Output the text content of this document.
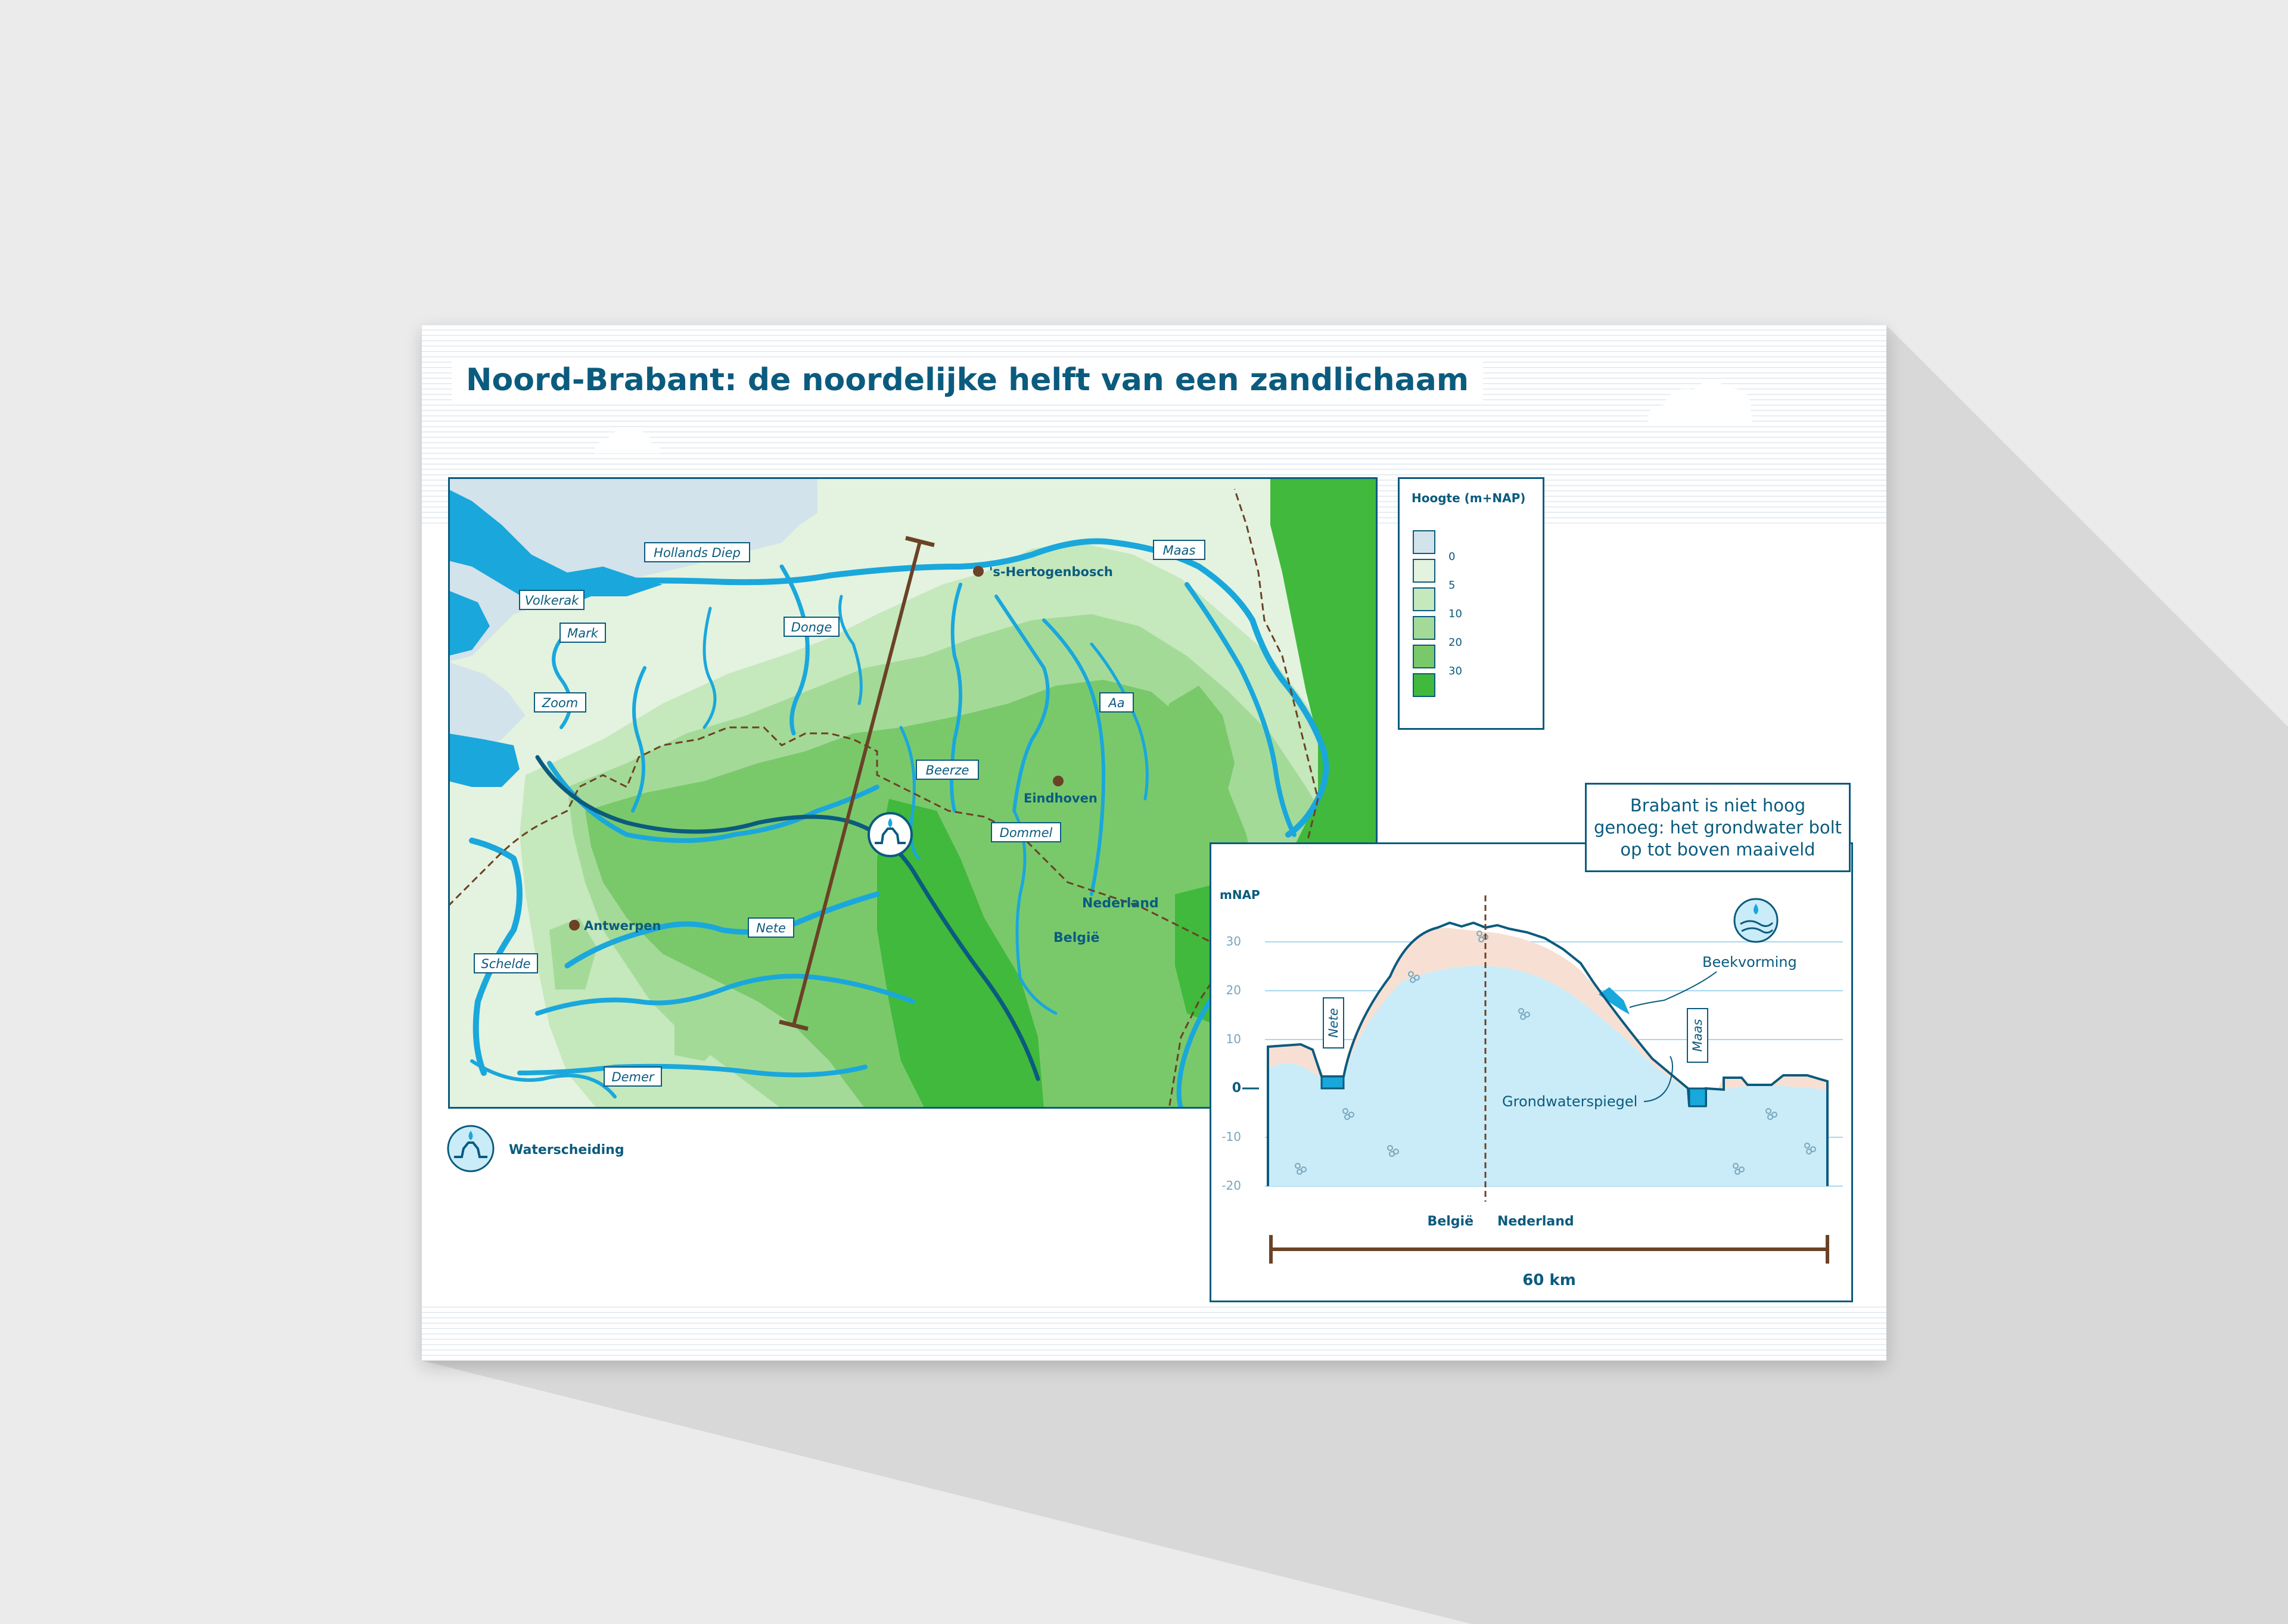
Noord-Brabant: de noordelijke helft van een zandlichaam
's-Hertogenbosch
Eindhoven
Antwerpen
Nederland
België
Hollands Diep
Volkerak
Mark	Donge
Zoom
Beerze
Dommel
Aa
Maas
Nete
Schelde
Demer
Hoogte (m+NAP)
0
5
10
20
30
Waterscheiding
mNAP
30
20
10
0
-10
-20
Nete	Maas
Beekvorming
Grondwaterspiegel
België Nederland
60 km
Brabant is niet hoog genoeg: het grondwater bolt op tot boven maaiveld
